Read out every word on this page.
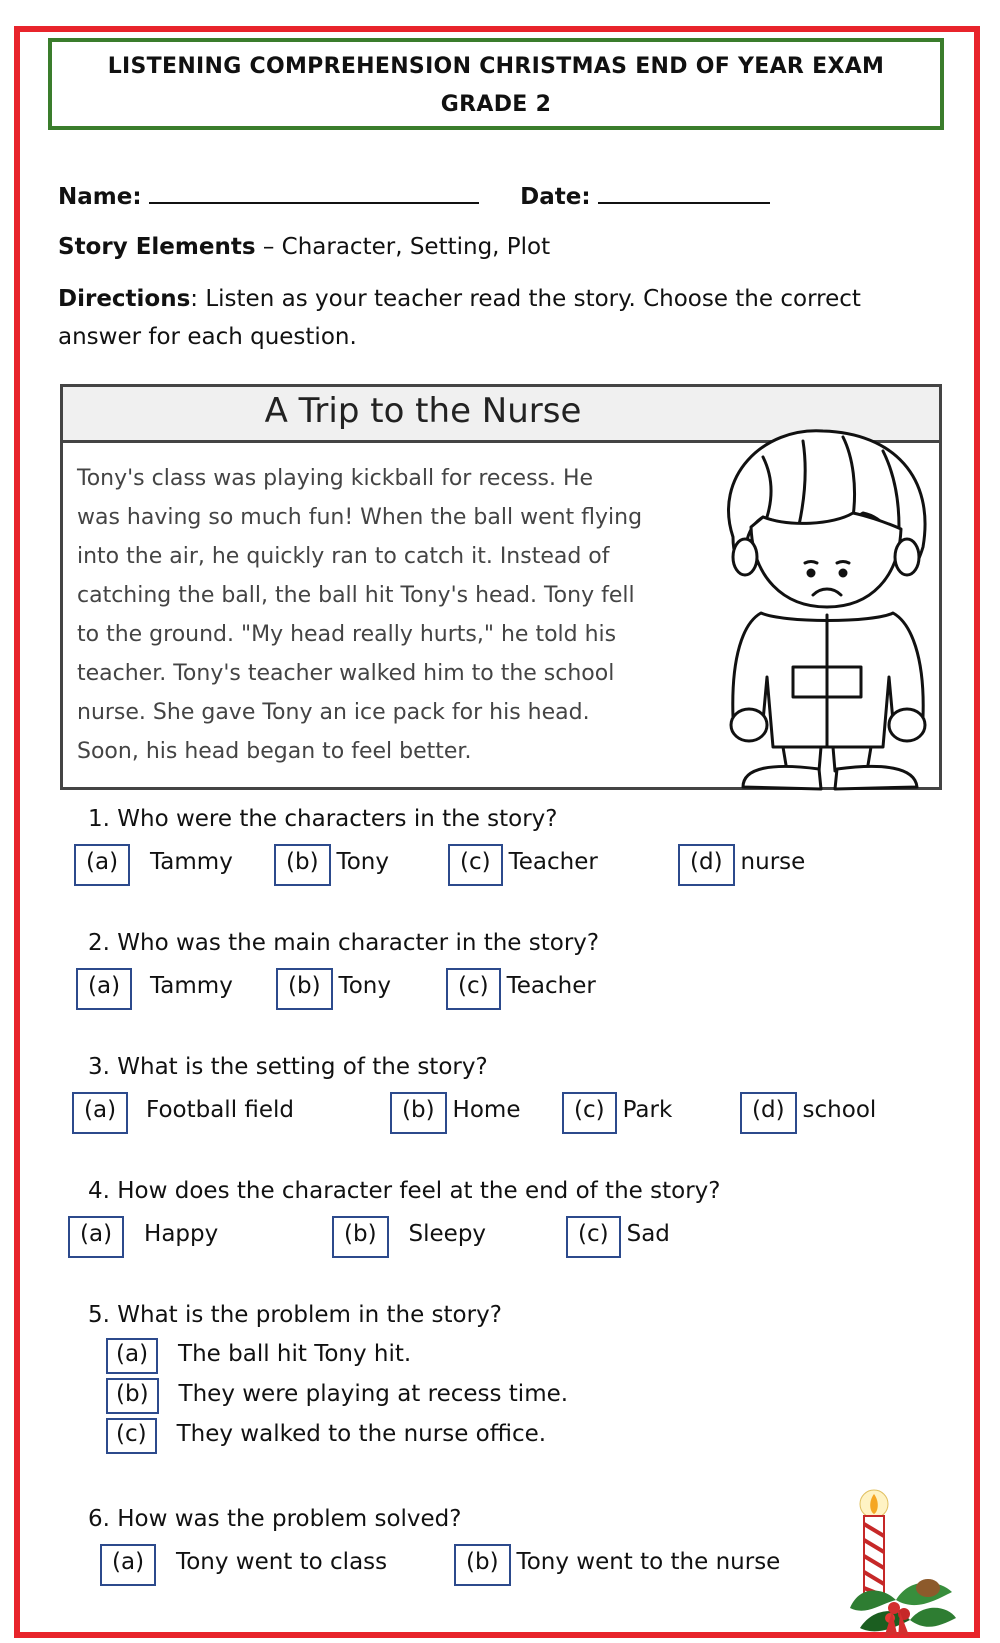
LISTENING COMPREHENSION CHRISTMAS END OF YEAR EXAM
GRADE 2
Name:	Date:
Story Elements – Character, Setting, Plot
Directions: Listen as your teacher read the story. Choose the correct
answer for each question.
A Trip to the Nurse
Tony's class was playing kickball for recess. He
was having so much fun! When the ball went flying
into the air, he quickly ran to catch it. Instead of
catching the ball, the ball hit Tony's head. Tony fell
to the ground. "My head really hurts," he told his
teacher. Tony's teacher walked him to the school
nurse. She gave Tony an ice pack for his head.
Soon, his head began to feel better.
1. Who were the characters in the story?
(a) Tammy	(b) Tony	(c) Teacher	(d) nurse
2. Who was the main character in the story?
(a) Tammy	(b) Tony	(c) Teacher
3. What is the setting of the story?
(a) Football field	(b) Home	(c) Park	(d) school
4. How does the character feel at the end of the story?
(a) Happy	(b) Sleepy	(c) Sad
5. What is the problem in the story?
(a) The ball hit Tony hit.
(b) They were playing at recess time.
(c) They walked to the nurse office.
6. How was the problem solved?
(a) Tony went to class	(b) Tony went to the nurse
